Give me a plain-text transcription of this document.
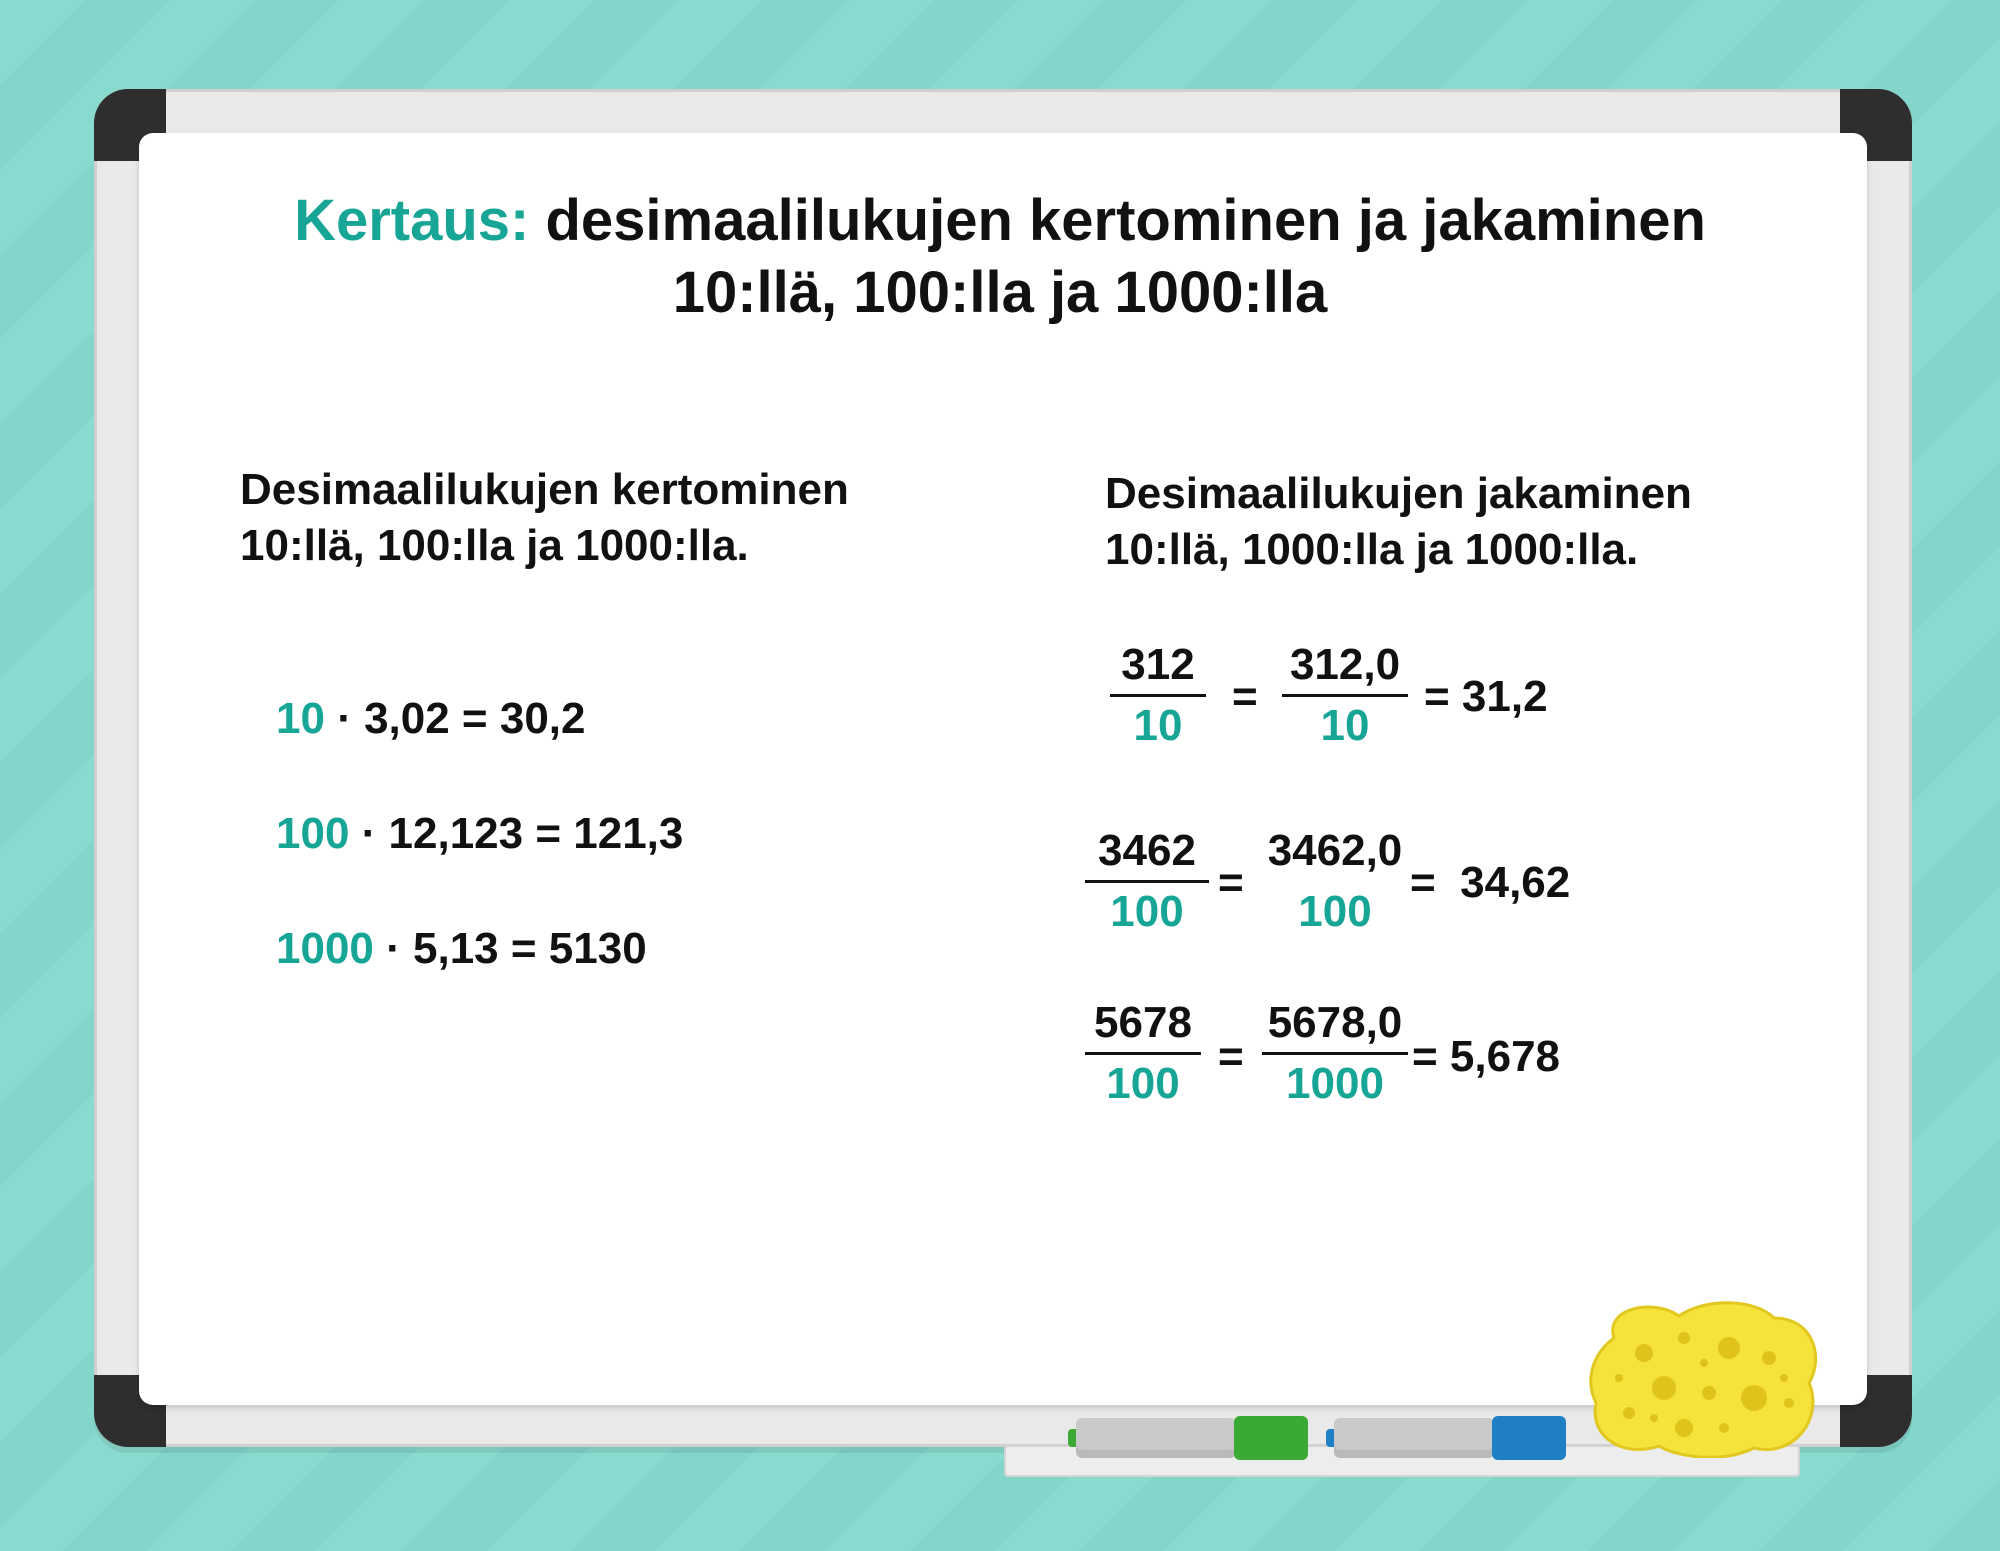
Kertaus: desimaalilukujen kertominen ja jakaminen
10:llä, 100:lla ja 1000:lla
Desimaalilukujen kertominen
10:llä, 100:lla ja 1000:lla.
10 · 3,02 = 30,2
100 · 12,123 = 121,3
1000 · 5,13 = 5130
Desimaalilukujen jakaminen
10:llä, 1000:lla ja 1000:lla.
312
10
=
312,0
10
= 31,2
3462
100
=
3462,0
100
=  34,62
5678
100
=
5678,0
1000
= 5,678
